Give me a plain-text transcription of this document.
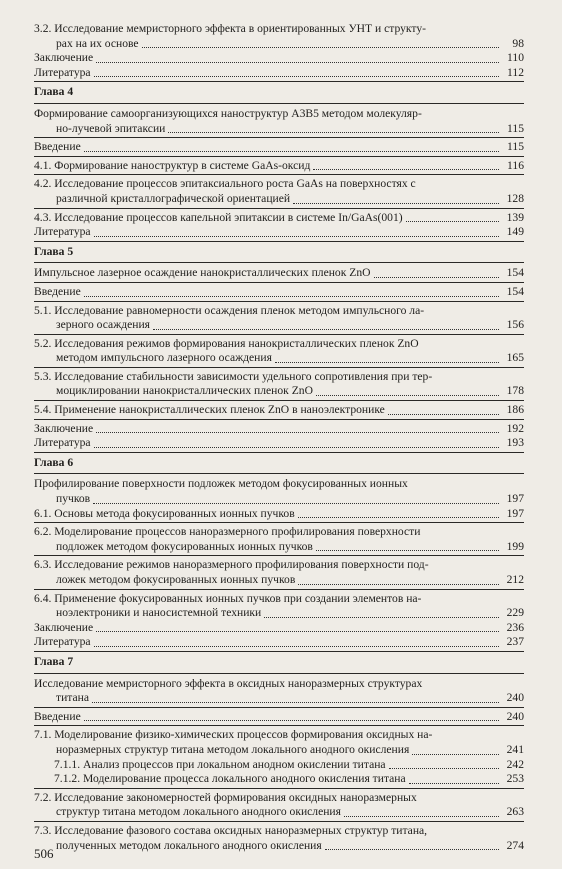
3.2. Исследование мемристорного эффекта в ориентированных УНТ и структу-
рах на их основе	98
Заключение	110
Литература	112
Глава 4
Формирование самоорганизующихся наноструктур A3B5 методом молекуляр-
но-лучевой эпитаксии	115
Введение	115
4.1. Формирование наноструктур в системе GaAs-оксид	116
4.2. Исследование процессов эпитаксиального роста GaAs на поверхностях с
различной кристаллографической ориентацией	128
4.3. Исследование процессов капельной эпитаксии в системе In/GaAs(001)	139
Литература	149
Глава 5
Импульсное лазерное осаждение нанокристаллических пленок ZnO	154
Введение	154
5.1. Исследование равномерности осаждения пленок методом импульсного ла-
зерного осаждения	156
5.2. Исследования режимов формирования нанокристаллических пленок ZnO
методом импульсного лазерного осаждения	165
5.3. Исследование стабильности зависимости удельного сопротивления при тер-
моциклировании нанокристаллических пленок ZnO	178
5.4. Применение нанокристаллических пленок ZnO в наноэлектронике	186
Заключение	192
Литература	193
Глава 6
Профилирование поверхности подложек методом фокусированных ионных
пучков	197
6.1. Основы метода фокусированных ионных пучков	197
6.2. Моделирование процессов наноразмерного профилирования поверхности
подложек методом фокусированных ионных пучков	199
6.3. Исследование режимов наноразмерного профилирования поверхности под-
ложек методом фокусированных ионных пучков	212
6.4. Применение фокусированных ионных пучков при создании элементов на-
ноэлектроники и наносистемной техники	229
Заключение	236
Литература	237
Глава 7
Исследование мемристорного эффекта в оксидных наноразмерных структурах
титана	240
Введение	240
7.1. Моделирование физико-химических процессов формирования оксидных на-
норазмерных структур титана методом локального анодного окисления	241
7.1.1. Анализ процессов при локальном анодном окислении титана	242
7.1.2. Моделирование процесса локального анодного окисления титана	253
7.2. Исследование закономерностей формирования оксидных наноразмерных
структур титана методом локального анодного окисления	263
7.3. Исследование фазового состава оксидных наноразмерных структур титана,
полученных методом локального анодного окисления	274
506
